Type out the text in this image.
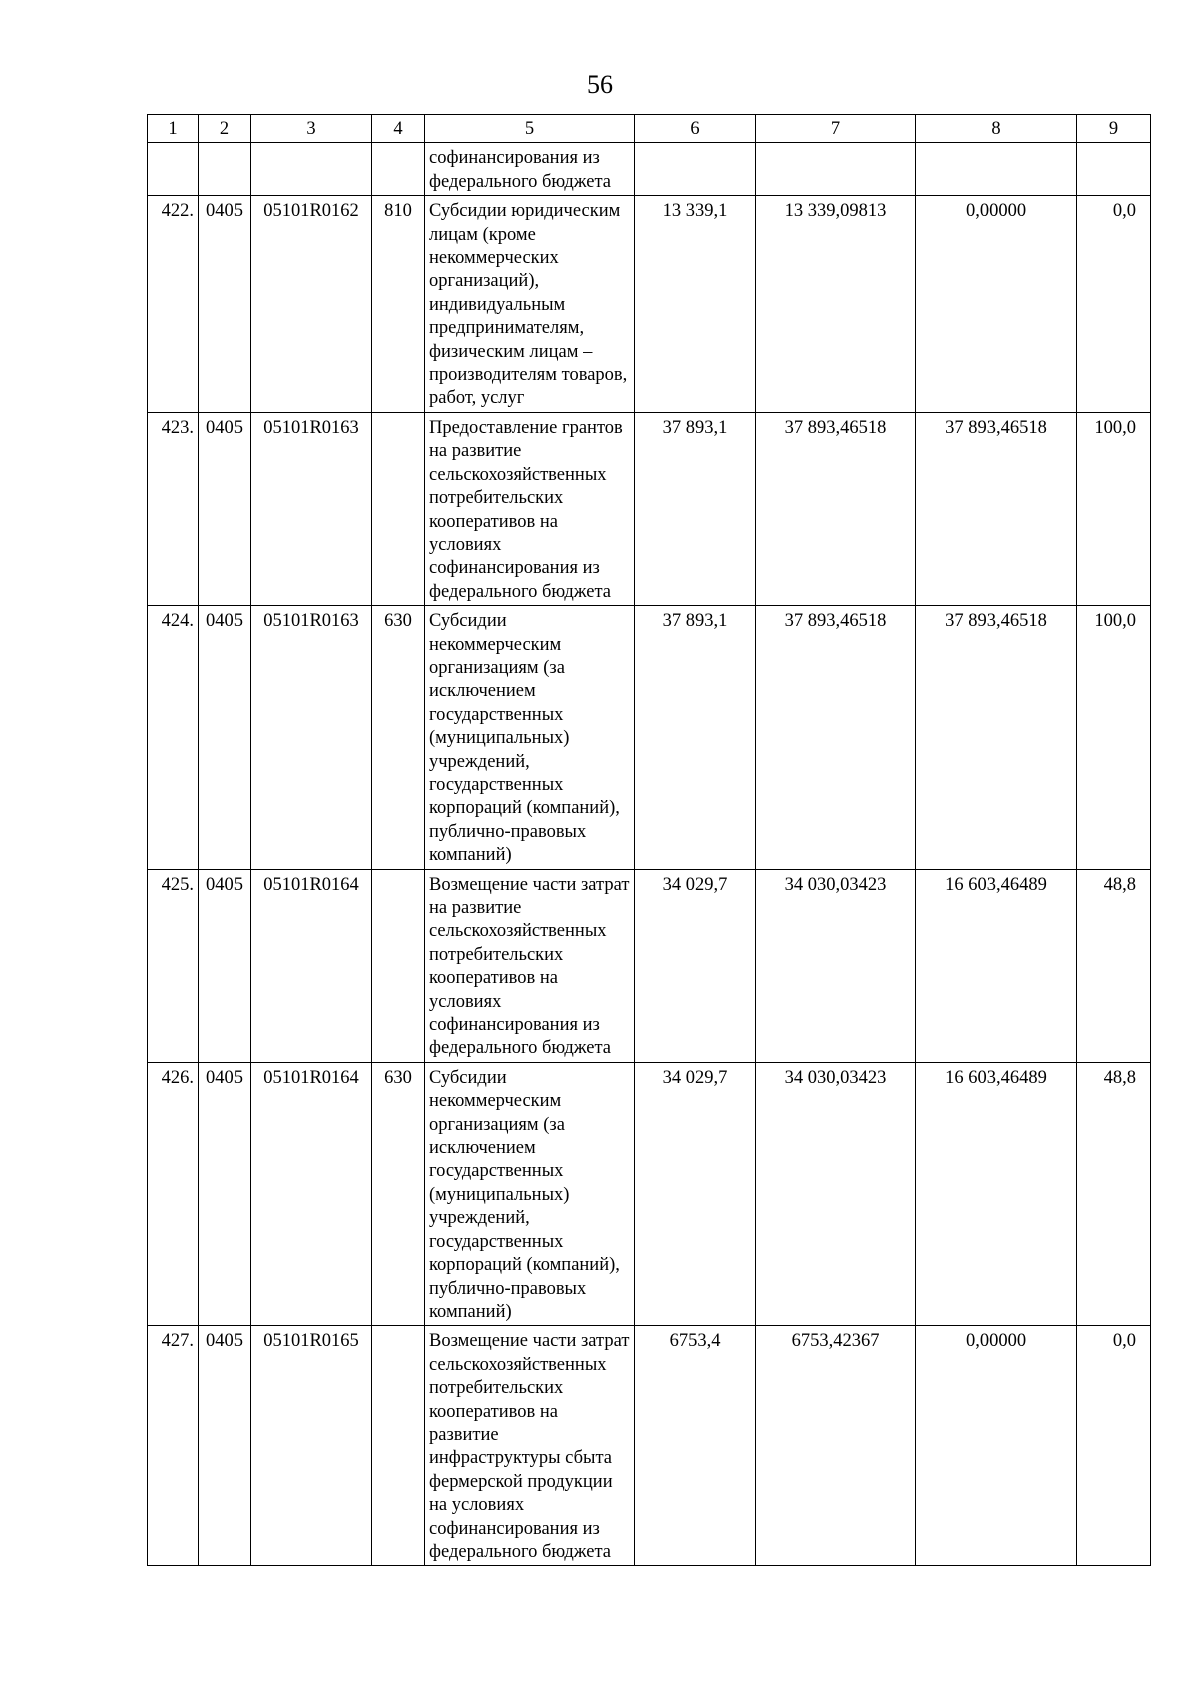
56
1	2	3	4	5	6	7	8	9
				софинансирования из федерального бюджета				
422.	0405	05101R0162	810	Субсидии юридическим лицам (кроме некоммерческих организаций), индивидуальным предпринимателям, физическим лицам – производителям товаров, работ, услуг	13 339,1	13 339,09813	0,00000	0,0
423.	0405	05101R0163		Предоставление грантов на развитие сельскохозяйственных потребительских кооперативов на условиях софинансирования из федерального бюджета	37 893,1	37 893,46518	37 893,46518	100,0
424.	0405	05101R0163	630	Субсидии некоммерческим организациям (за исключением государственных (муниципальных) учреждений, государственных корпораций (компаний), публично-правовых компаний)	37 893,1	37 893,46518	37 893,46518	100,0
425.	0405	05101R0164		Возмещение части затрат на развитие сельскохозяйственных потребительских кооперативов на условиях софинансирования из федерального бюджета	34 029,7	34 030,03423	16 603,46489	48,8
426.	0405	05101R0164	630	Субсидии некоммерческим организациям (за исключением государственных (муниципальных) учреждений, государственных корпораций (компаний), публично-правовых компаний)	34 029,7	34 030,03423	16 603,46489	48,8
427.	0405	05101R0165		Возмещение части затрат сельскохозяйственных потребительских кооперативов на развитие инфраструктуры сбыта фермерской продукции на условиях софинансирования из федерального бюджета	6753,4	6753,42367	0,00000	0,0
